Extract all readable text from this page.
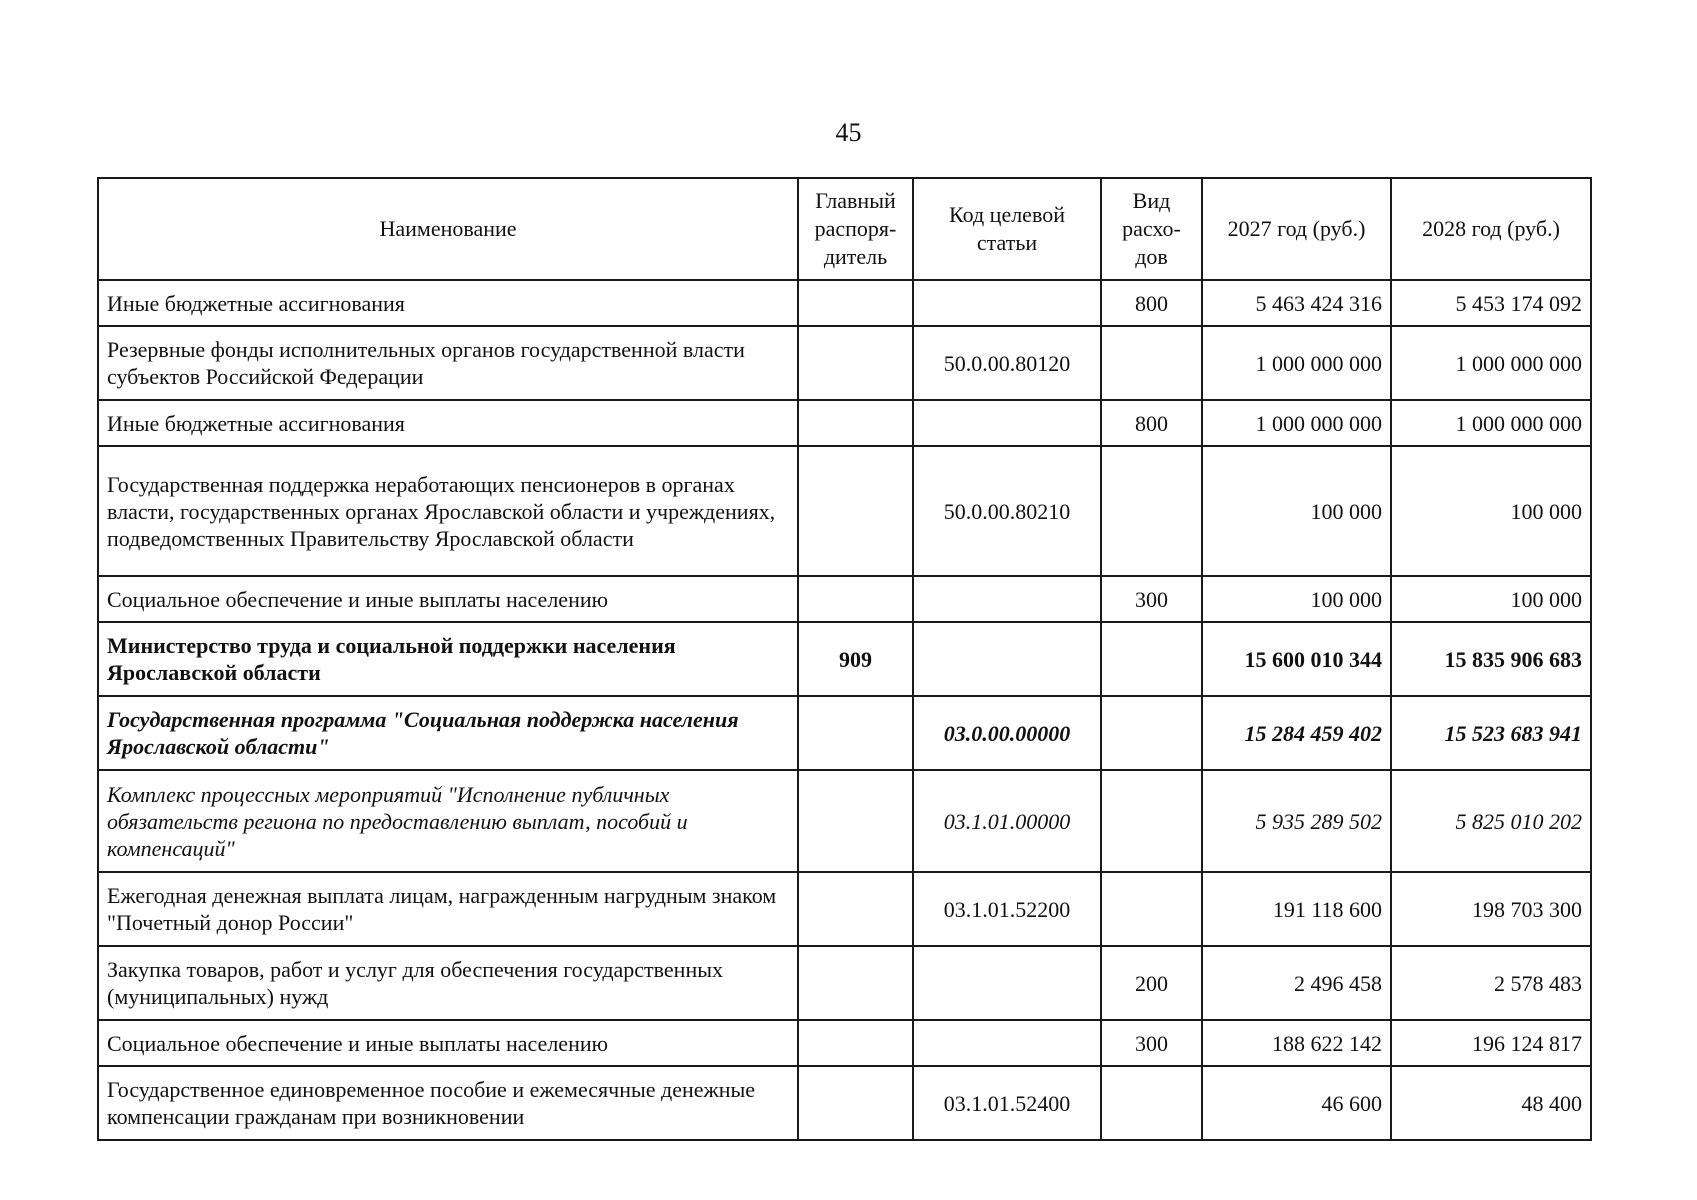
45
Наименование	Главный распоря-дитель	Код целевой статьи	Вид расхо-дов	2027 год (руб.)	2028 год (руб.)
Иные бюджетные ассигнования			800	5 463 424 316	5 453 174 092
Резервные фонды исполнительных органов государственной власти субъектов Российской Федерации		50.0.00.80120		1 000 000 000	1 000 000 000
Иные бюджетные ассигнования			800	1 000 000 000	1 000 000 000
Государственная поддержка неработающих пенсионеров в органах власти, государственных органах Ярославской области и учреждениях, подведомственных Правительству Ярославской области		50.0.00.80210		100 000	100 000
Социальное обеспечение и иные выплаты населению			300	100 000	100 000
Министерство труда и социальной поддержки населения Ярославской области	909			15 600 010 344	15 835 906 683
Государственная программа "Социальная поддержка населения Ярославской области"		03.0.00.00000		15 284 459 402	15 523 683 941
Комплекс процессных мероприятий "Исполнение публичных обязательств региона по предоставлению выплат, пособий и компенсаций"		03.1.01.00000		5 935 289 502	5 825 010 202
Ежегодная денежная выплата лицам, награжденным нагрудным знаком "Почетный донор России"		03.1.01.52200		191 118 600	198 703 300
Закупка товаров, работ и услуг для обеспечения государственных (муниципальных) нужд			200	2 496 458	2 578 483
Социальное обеспечение и иные выплаты населению			300	188 622 142	196 124 817
Государственное единовременное пособие и ежемесячные денежные компенсации гражданам при возникновении		03.1.01.52400		46 600	48 400
